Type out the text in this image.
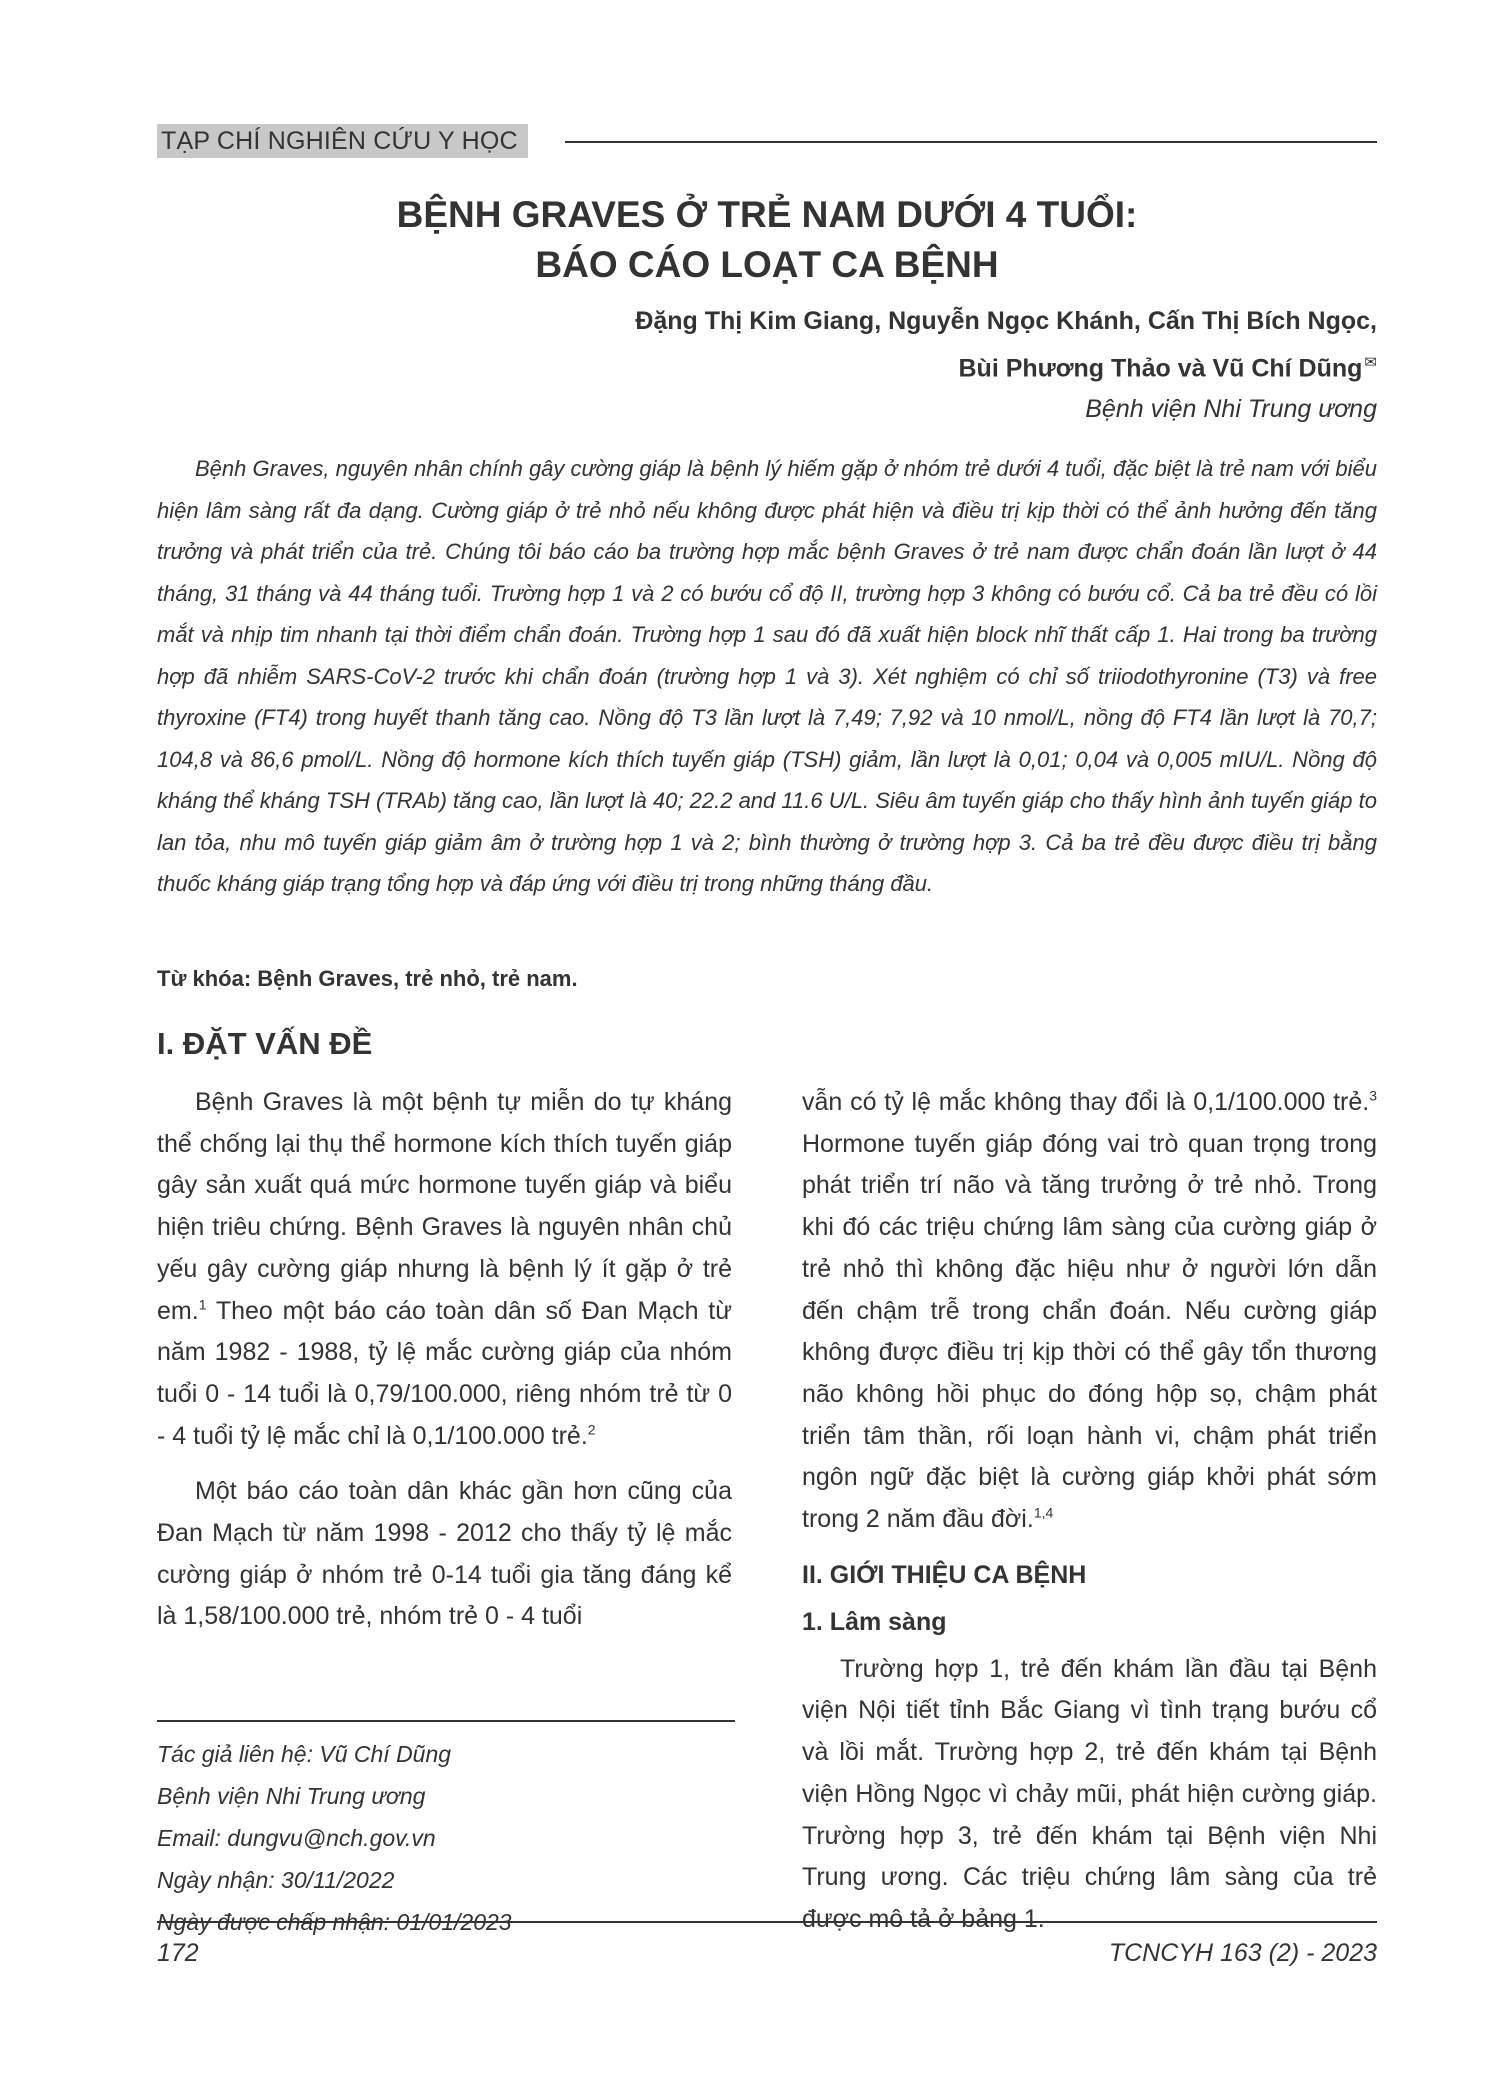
TẠP CHÍ NGHIÊN CỨU Y HỌC
BỆNH GRAVES Ở TRẺ NAM DƯỚI 4 TUỔI:
BÁO CÁO LOẠT CA BỆNH
Đặng Thị Kim Giang, Nguyễn Ngọc Khánh, Cấn Thị Bích Ngọc,
Bùi Phương Thảo và Vũ Chí Dũng ✉
Bệnh viện Nhi Trung ương

Bệnh Graves, nguyên nhân chính gây cường giáp là bệnh lý hiếm gặp ở nhóm trẻ dưới 4 tuổi, đặc biệt là trẻ nam với biểu hiện lâm sàng rất đa dạng. Cường giáp ở trẻ nhỏ nếu không được phát hiện và điều trị kịp thời có thể ảnh hưởng đến tăng trưởng và phát triển của trẻ. Chúng tôi báo cáo ba trường hợp mắc bệnh Graves ở trẻ nam được chẩn đoán lần lượt ở 44 tháng, 31 tháng và 44 tháng tuổi. Trường hợp 1 và 2 có bướu cổ độ II, trường hợp 3 không có bướu cổ. Cả ba trẻ đều có lồi mắt và nhịp tim nhanh tại thời điểm chẩn đoán. Trường hợp 1 sau đó đã xuất hiện block nhĩ thất cấp 1. Hai trong ba trường hợp đã nhiễm SARS-CoV-2 trước khi chẩn đoán (trường hợp 1 và 3). Xét nghiệm có chỉ số triiodothyronine (T3) và free thyroxine (FT4) trong huyết thanh tăng cao. Nồng độ T3 lần lượt là 7,49; 7,92 và 10 nmol/L, nồng độ FT4 lần lượt là 70,7; 104,8 và 86,6 pmol/L. Nồng độ hormone kích thích tuyến giáp (TSH) giảm, lần lượt là 0,01; 0,04 và 0,005 mIU/L. Nồng độ kháng thể kháng TSH (TRAb) tăng cao, lần lượt là 40; 22.2 and 11.6 U/L. Siêu âm tuyến giáp cho thấy hình ảnh tuyến giáp to lan tỏa, nhu mô tuyến giáp giảm âm ở trường hợp 1 và 2; bình thường ở trường hợp 3. Cả ba trẻ đều được điều trị bằng thuốc kháng giáp trạng tổng hợp và đáp ứng với điều trị trong những tháng đầu.

Từ khóa: Bệnh Graves, trẻ nhỏ, trẻ nam.
I. ĐẶT VẤN ĐỀ

Bệnh Graves là một bệnh tự miễn do tự kháng thể chống lại thụ thể hormone kích thích tuyến giáp gây sản xuất quá mức hormone tuyến giáp và biểu hiện triêu chứng. Bệnh Graves là nguyên nhân chủ yếu gây cường giáp nhưng là bệnh lý ít gặp ở trẻ em.$^1$ Theo một báo cáo toàn dân số Đan Mạch từ năm 1982 - 1988, tỷ lệ mắc cường giáp của nhóm tuổi 0 - 14 tuổi là 0,79/100.000, riêng nhóm trẻ từ 0 - 4 tuổi tỷ lệ mắc chỉ là 0,1/100.000 trẻ.$^2$

Một báo cáo toàn dân khác gần hơn cũng của Đan Mạch từ năm 1998 - 2012 cho thấy tỷ lệ mắc cường giáp ở nhóm trẻ 0-14 tuổi gia tăng đáng kể là 1,58/100.000 trẻ, nhóm trẻ 0 - 4 tuổi

vẫn có tỷ lệ mắc không thay đổi là 0,1/100.000 trẻ.$^3$ Hormone tuyến giáp đóng vai trò quan trọng trong phát triển trí não và tăng trưởng ở trẻ nhỏ. Trong khi đó các triệu chứng lâm sàng của cường giáp ở trẻ nhỏ thì không đặc hiệu như ở người lớn dẫn đến chậm trễ trong chẩn đoán. Nếu cường giáp không được điều trị kịp thời có thể gây tổn thương não không hồi phục do đóng hộp sọ, chậm phát triển tâm thần, rối loạn hành vi, chậm phát triển ngôn ngữ đặc biệt là cường giáp khởi phát sớm trong 2 năm đầu đời.$^{1,4}$

II. GIỚI THIỆU CA BỆNH
1. Lâm sàng

Trường hợp 1, trẻ đến khám lần đầu tại Bệnh viện Nội tiết tỉnh Bắc Giang vì tình trạng bướu cổ và lồi mắt. Trường hợp 2, trẻ đến khám tại Bệnh viện Hồng Ngọc vì chảy mũi, phát hiện cường giáp. Trường hợp 3, trẻ đến khám tại Bệnh viện Nhi Trung ương. Các triệu chứng lâm sàng của trẻ được mô tả ở bảng 1.

Tác giả liên hệ: Vũ Chí Dũng
Bệnh viện Nhi Trung ương
Email: dungvu@nch.gov.vn
Ngày nhận: 30/11/2022
Ngày được chấp nhận: 01/01/2023
172	TCNCYH 163 (2) - 2023
